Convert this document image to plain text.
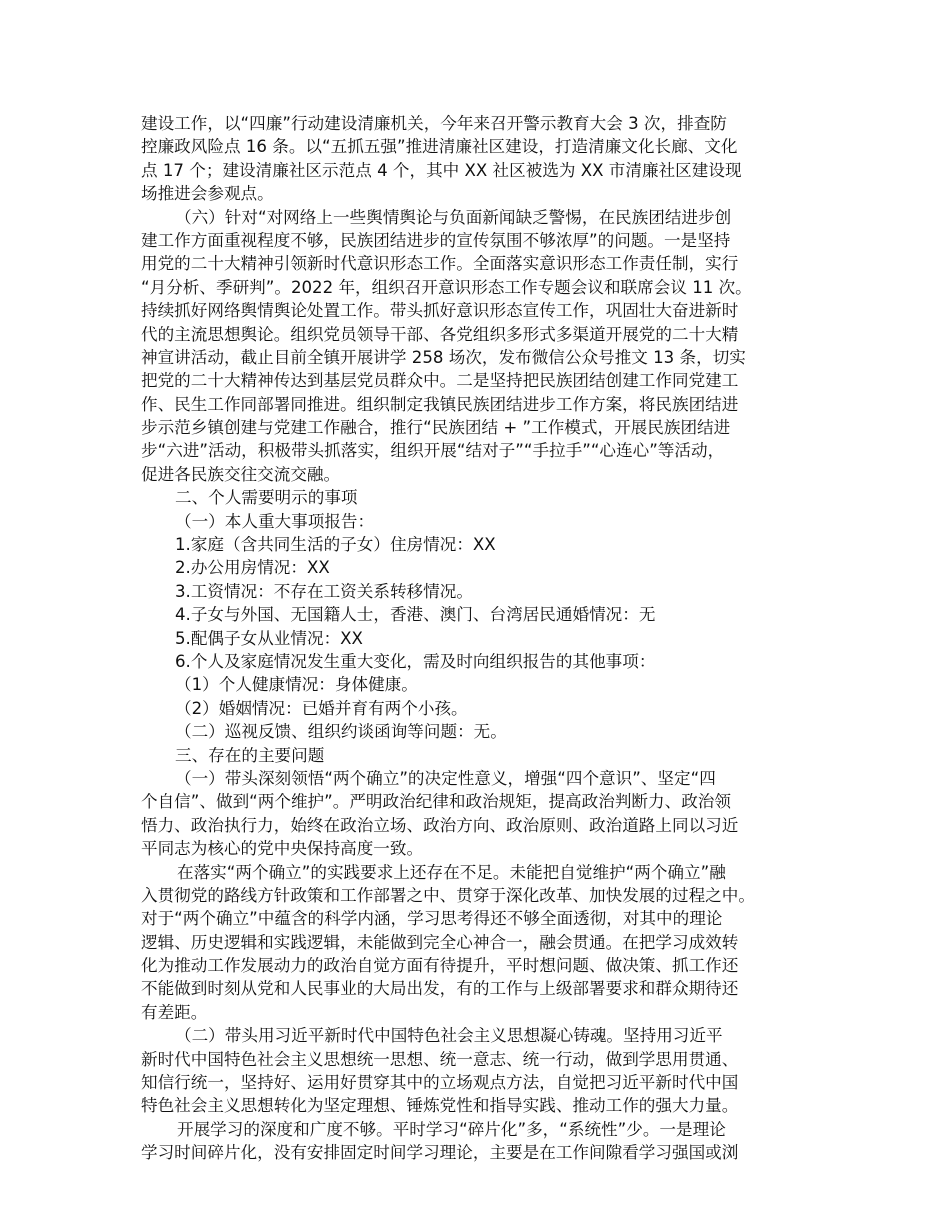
建设工作，以“四廉”行动建设清廉机关，今年来召开警示教育大会 3 次，排查防
控廉政风险点 16 条。以“五抓五强”推进清廉社区建设，打造清廉文化长廊、文化
点 17 个；建设清廉社区示范点 4 个，其中 XX 社区被选为 XX 市清廉社区建设现
场推进会参观点。
（六）针对“对网络上一些舆情舆论与负面新闻缺乏警惕，在民族团结进步创
建工作方面重视程度不够，民族团结进步的宣传氛围不够浓厚”的问题。一是坚持
用党的二十大精神引领新时代意识形态工作。全面落实意识形态工作责任制，实行
“月分析、季研判”。2022 年，组织召开意识形态工作专题会议和联席会议 11 次。
持续抓好网络舆情舆论处置工作。带头抓好意识形态宣传工作，巩固壮大奋进新时
代的主流思想舆论。组织党员领导干部、各党组织多形式多渠道开展党的二十大精
神宣讲活动，截止目前全镇开展讲学 258 场次，发布微信公众号推文 13 条，切实
把党的二十大精神传达到基层党员群众中。二是坚持把民族团结创建工作同党建工
作、民生工作同部署同推进。组织制定我镇民族团结进步工作方案，将民族团结进
步示范乡镇创建与党建工作融合，推行“民族团结 + ”工作模式，开展民族团结进
步“六进”活动，积极带头抓落实，组织开展“结对子”“手拉手”“心连心”等活动，
促进各民族交往交流交融。
二、个人需要明示的事项
（一）本人重大事项报告：
1.家庭（含共同生活的子女）住房情况：XX
2.办公用房情况：XX
3.工资情况：不存在工资关系转移情况。
4.子女与外国、无国籍人士，香港、澳门、台湾居民通婚情况：无
5.配偶子女从业情况：XX
6.个人及家庭情况发生重大变化，需及时向组织报告的其他事项：
（1）个人健康情况：身体健康。
（2）婚姻情况：已婚并育有两个小孩。
（二）巡视反馈、组织约谈函询等问题：无。
三、存在的主要问题
（一）带头深刻领悟“两个确立”的决定性意义，增强“四个意识”、坚定“四
个自信”、做到“两个维护”。严明政治纪律和政治规矩，提高政治判断力、政治领
悟力、政治执行力，始终在政治立场、政治方向、政治原则、政治道路上同以习近
平同志为核心的党中央保持高度一致。
在落实“两个确立”的实践要求上还存在不足。未能把自觉维护“两个确立”融
入贯彻党的路线方针政策和工作部署之中、贯穿于深化改革、加快发展的过程之中。
对于“两个确立”中蕴含的科学内涵，学习思考得还不够全面透彻，对其中的理论
逻辑、历史逻辑和实践逻辑，未能做到完全心神合一，融会贯通。在把学习成效转
化为推动工作发展动力的政治自觉方面有待提升，平时想问题、做决策、抓工作还
不能做到时刻从党和人民事业的大局出发，有的工作与上级部署要求和群众期待还
有差距。
（二）带头用习近平新时代中国特色社会主义思想凝心铸魂。坚持用习近平
新时代中国特色社会主义思想统一思想、统一意志、统一行动，做到学思用贯通、
知信行统一，坚持好、运用好贯穿其中的立场观点方法，自觉把习近平新时代中国
特色社会主义思想转化为坚定理想、锤炼党性和指导实践、推动工作的强大力量。
开展学习的深度和广度不够。平时学习“碎片化”多，“系统性”少。一是理论
学习时间碎片化，没有安排固定时间学习理论，主要是在工作间隙看学习强国或浏
